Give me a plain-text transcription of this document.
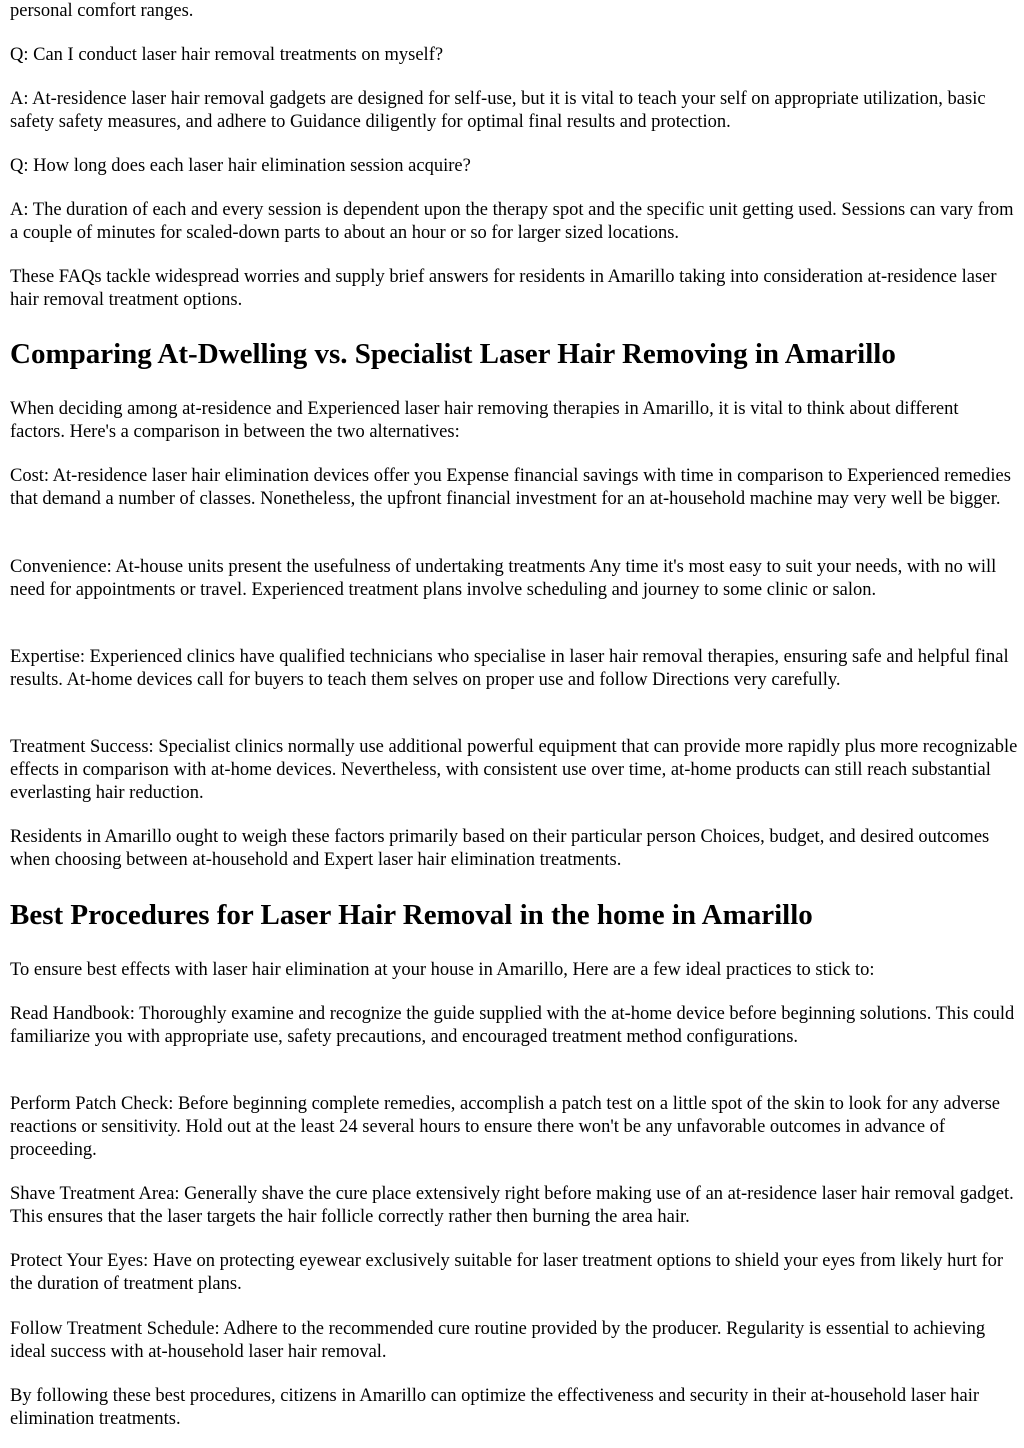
personal comfort ranges.

Q: Can I conduct laser hair removal treatments on myself?

A: At-residence laser hair removal gadgets are designed for self-use, but it is vital to teach your self on appropriate utilization, basic safety safety measures, and adhere to Guidance diligently for optimal final results and protection.

Q: How long does each laser hair elimination session acquire?

A: The duration of each and every session is dependent upon the therapy spot and the specific unit getting used. Sessions can vary from a couple of minutes for scaled-down parts to about an hour or so for larger sized locations.

These FAQs tackle widespread worries and supply brief answers for residents in Amarillo taking into consideration at-residence laser hair removal treatment options.

Comparing At-Dwelling vs. Specialist Laser Hair Removing in Amarillo

When deciding among at-residence and Experienced laser hair removing therapies in Amarillo, it is vital to think about different factors. Here's a comparison in between the two alternatives:

Cost: At-residence laser hair elimination devices offer you Expense financial savings with time in comparison to Experienced remedies that demand a number of classes. Nonetheless, the upfront financial investment for an at-household machine may very well be bigger.

Convenience: At-house units present the usefulness of undertaking treatments Any time it's most easy to suit your needs, with no will need for appointments or travel. Experienced treatment plans involve scheduling and journey to some clinic or salon.

Expertise: Experienced clinics have qualified technicians who specialise in laser hair removal therapies, ensuring safe and helpful final results. At-home devices call for buyers to teach them selves on proper use and follow Directions very carefully.

Treatment Success: Specialist clinics normally use additional powerful equipment that can provide more rapidly plus more recognizable effects in comparison with at-home devices. Nevertheless, with consistent use over time, at-home products can still reach substantial everlasting hair reduction.

Residents in Amarillo ought to weigh these factors primarily based on their particular person Choices, budget, and desired outcomes when choosing between at-household and Expert laser hair elimination treatments.

Best Procedures for Laser Hair Removal in the home in Amarillo

To ensure best effects with laser hair elimination at your house in Amarillo, Here are a few ideal practices to stick to:

Read Handbook: Thoroughly examine and recognize the guide supplied with the at-home device before beginning solutions. This could familiarize you with appropriate use, safety precautions, and encouraged treatment method configurations.

Perform Patch Check: Before beginning complete remedies, accomplish a patch test on a little spot of the skin to look for any adverse reactions or sensitivity. Hold out at the least 24 several hours to ensure there won't be any unfavorable outcomes in advance of proceeding.

Shave Treatment Area: Generally shave the cure place extensively right before making use of an at-residence laser hair removal gadget. This ensures that the laser targets the hair follicle correctly rather then burning the area hair.

Protect Your Eyes: Have on protecting eyewear exclusively suitable for laser treatment options to shield your eyes from likely hurt for the duration of treatment plans.

Follow Treatment Schedule: Adhere to the recommended cure routine provided by the producer. Regularity is essential to achieving ideal success with at-household laser hair removal.

By following these best procedures, citizens in Amarillo can optimize the effectiveness and security in their at-household laser hair elimination treatments.
